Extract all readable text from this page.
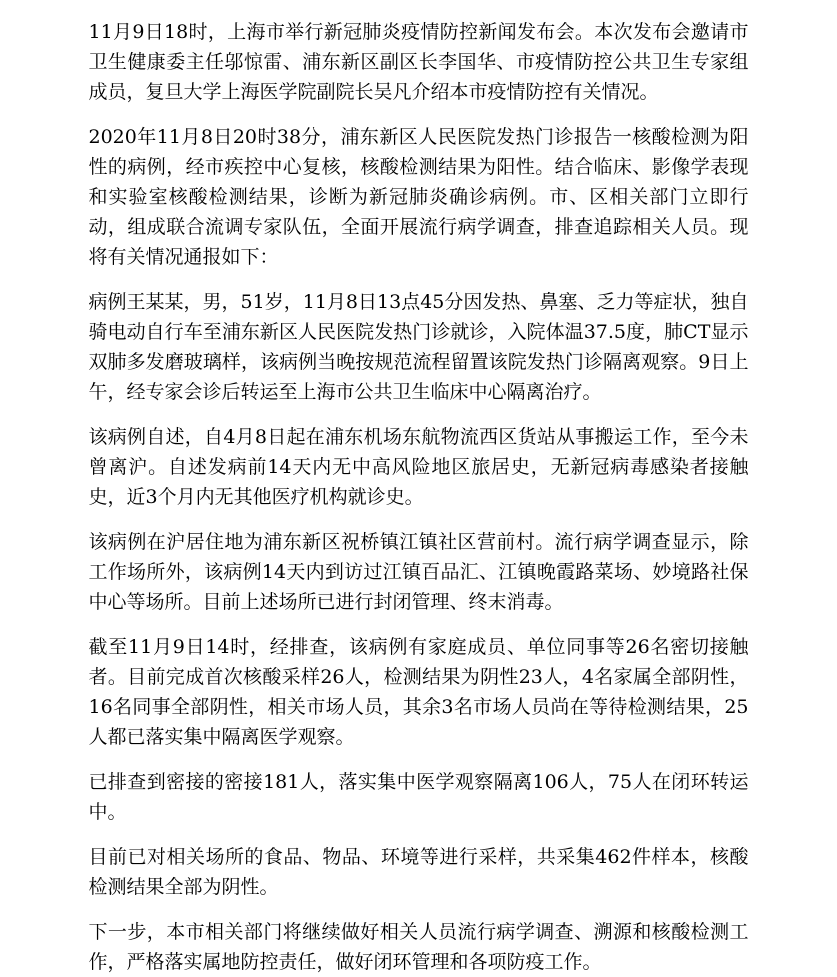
11月9日18时，上海市举行新冠肺炎疫情防控新闻发布会。本次发布会邀请市卫生健康委主任邬惊雷、浦东新区副区长李国华、市疫情防控公共卫生专家组成员，复旦大学上海医学院副院长吴凡介绍本市疫情防控有关情况。

2020年11月8日20时38分，浦东新区人民医院发热门诊报告一核酸检测为阳性的病例，经市疾控中心复核，核酸检测结果为阳性。结合临床、影像学表现和实验室核酸检测结果，诊断为新冠肺炎确诊病例。市、区相关部门立即行动，组成联合流调专家队伍，全面开展流行病学调查，排查追踪相关人员。现将有关情况通报如下：

病例王某某，男，51岁，11月8日13点45分因发热、鼻塞、乏力等症状，独自骑电动自行车至浦东新区人民医院发热门诊就诊，入院体温37.5度，肺CT显示双肺多发磨玻璃样，该病例当晚按规范流程留置该院发热门诊隔离观察。9日上午，经专家会诊后转运至上海市公共卫生临床中心隔离治疗。

该病例自述，自4月8日起在浦东机场东航物流西区货站从事搬运工作，至今未曾离沪。自述发病前14天内无中高风险地区旅居史，无新冠病毒感染者接触史，近3个月内无其他医疗机构就诊史。

该病例在沪居住地为浦东新区祝桥镇江镇社区营前村。流行病学调查显示，除工作场所外，该病例14天内到访过江镇百品汇、江镇晚霞路菜场、妙境路社保中心等场所。目前上述场所已进行封闭管理、终末消毒。

截至11月9日14时，经排查，该病例有家庭成员、单位同事等26名密切接触者。目前完成首次核酸采样26人，检测结果为阴性23人，4名家属全部阴性，16名同事全部阴性，相关市场人员，其余3名市场人员尚在等待检测结果，25人都已落实集中隔离医学观察。

已排查到密接的密接181人，落实集中医学观察隔离106人，75人在闭环转运中。

目前已对相关场所的食品、物品、环境等进行采样，共采集462件样本，核酸检测结果全部为阴性。

下一步，本市相关部门将继续做好相关人员流行病学调查、溯源和核酸检测工作，严格落实属地防控责任，做好闭环管理和各项防疫工作。
